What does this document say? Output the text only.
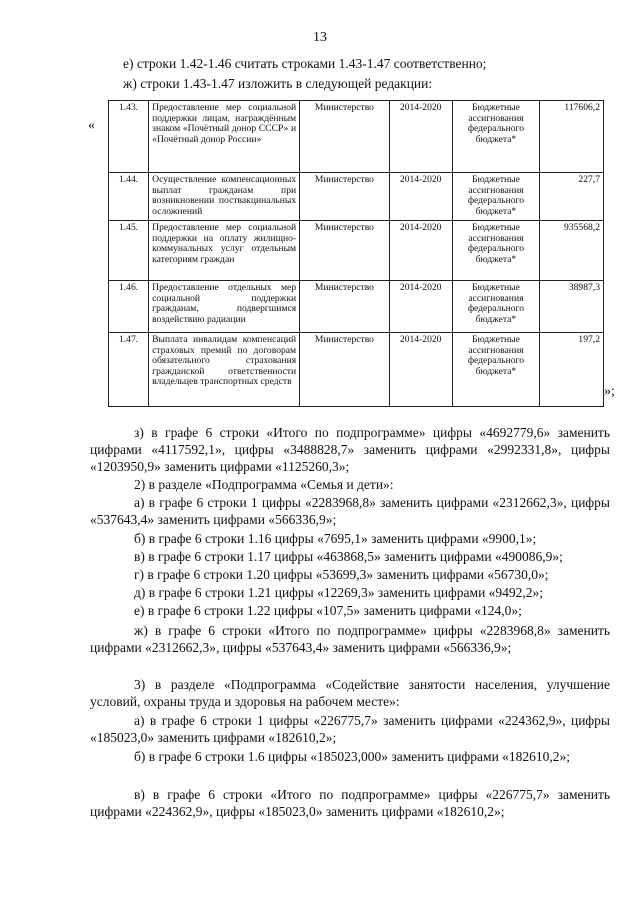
13
е) строки 1.42-1.46 считать строками 1.43-1.47 соответственно;
ж) строки 1.43-1.47 изложить в следующей редакции:
«
1.43.	Предоставление мер социальной поддержки лицам, награждённым знаком «Почётный донор СССР» и «Почётный донор России»	Министерство	2014-2020	Бюджетные ассигнования федерального бюджета*	117606,2
1.44.	Осуществление компенсационных выплат гражданам при возникновении поствакцинальных осложнений	Министерство	2014-2020	Бюджетные ассигнования федерального бюджета*	227,7
1.45.	Предоставление мер социальной поддержки на оплату жилищно-коммунальных услуг отдельным категориям граждан	Министерство	2014-2020	Бюджетные ассигнования федерального бюджета*	935568,2
1.46.	Предоставление отдельных мер социальной поддержки гражданам, подвергшимся воздействию радиации	Министерство	2014-2020	Бюджетные ассигнования федерального бюджета*	38987,3
1.47.	Выплата инвалидам компенсаций страховых премий по договорам обязательного страхования гражданской ответственности владельцев транспортных средств	Министерство	2014-2020	Бюджетные ассигнования федерального бюджета*	197,2
»;
з) в графе 6 строки «Итого по подпрограмме» цифры «4692779,6» заменить цифрами «4117592,1», цифры «3488828,7» заменить цифрами «2992331,8», цифры «1203950,9» заменить цифрами «1125260,3»;
2) в разделе «Подпрограмма «Семья и дети»:
а) в графе 6 строки 1 цифры «2283968,8» заменить цифрами «2312662,3», цифры «537643,4» заменить цифрами «566336,9»;
б) в графе 6 строки 1.16 цифры «7695,1» заменить цифрами «9900,1»;
в) в графе 6 строки 1.17 цифры «463868,5» заменить цифрами «490086,9»;
г) в графе 6 строки 1.20 цифры «53699,3» заменить цифрами «56730,0»;
д) в графе 6 строки 1.21 цифры «12269,3» заменить цифрами «9492,2»;
е) в графе 6 строки 1.22 цифры «107,5» заменить цифрами «124,0»;
ж) в графе 6 строки «Итого по подпрограмме» цифры «2283968,8» заменить цифрами «2312662,3», цифры «537643,4» заменить цифрами «566336,9»;
3) в разделе «Подпрограмма «Содействие занятости населения, улучшение условий, охраны труда и здоровья на рабочем месте»:
а) в графе 6 строки 1 цифры «226775,7» заменить цифрами «224362,9», цифры «185023,0» заменить цифрами «182610,2»;
б) в графе 6 строки 1.6 цифры «185023,000» заменить цифрами «182610,2»;
в) в графе 6 строки «Итого по подпрограмме» цифры «226775,7» заменить цифрами «224362,9», цифры «185023,0» заменить цифрами «182610,2»;
